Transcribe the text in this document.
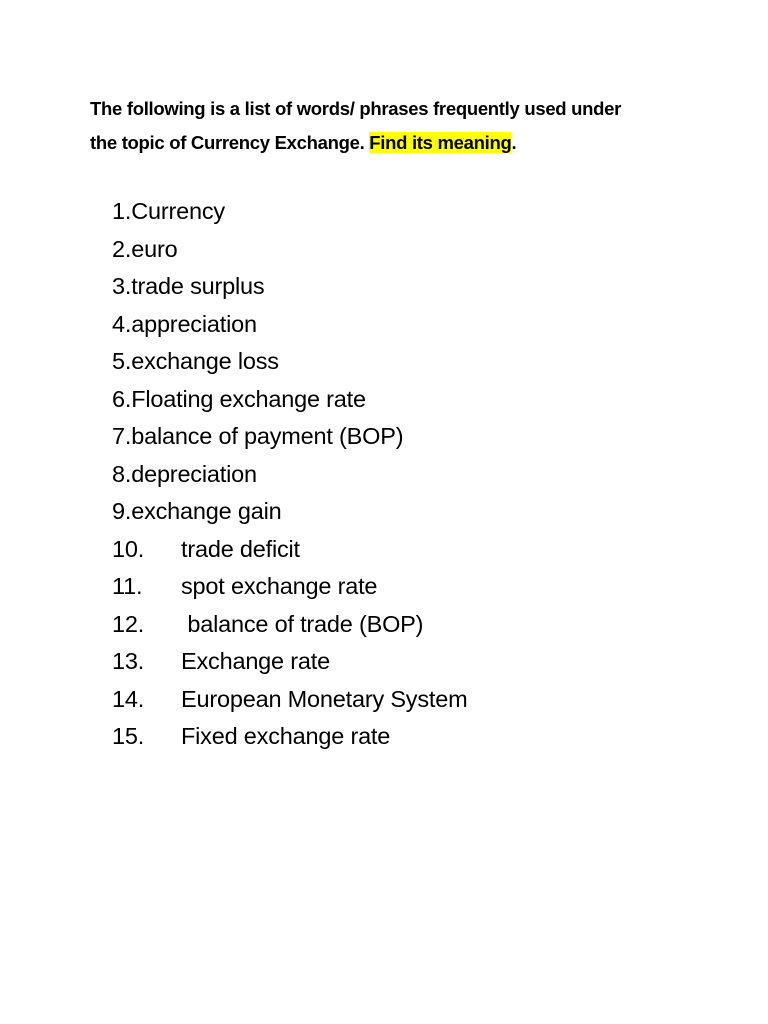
The following is a list of words/ phrases frequently used under
the topic of Currency Exchange. Find its meaning.
1.Currency
2.euro
3.trade surplus
4.appreciation
5.exchange loss
6.Floating exchange rate
7.balance of payment (BOP)
8.depreciation
9.exchange gain
10. trade deficit
11. spot exchange rate
12. balance of trade (BOP)
13. Exchange rate
14. European Monetary System
15. Fixed exchange rate
